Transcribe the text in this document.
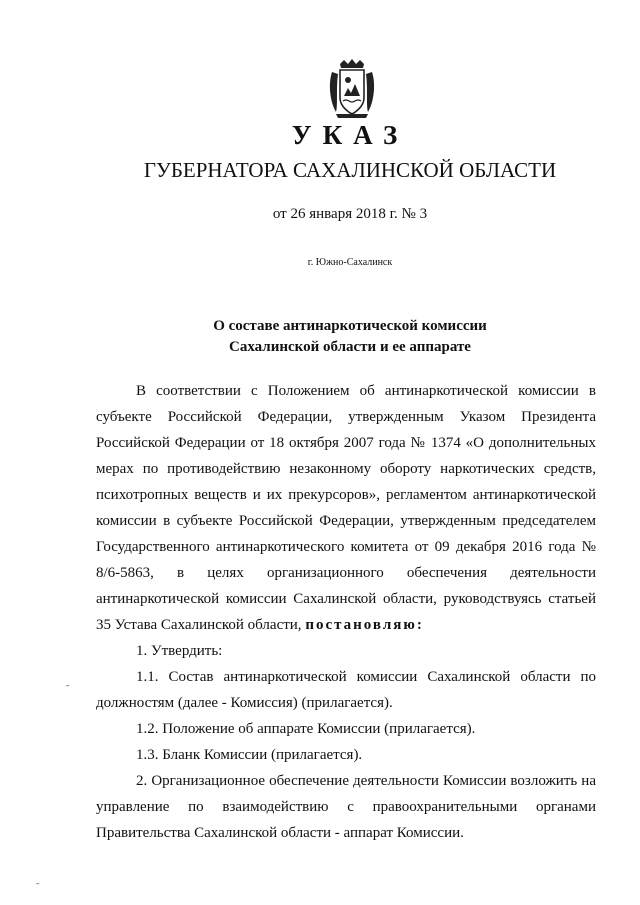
УКАЗ
ГУБЕРНАТОРА САХАЛИНСКОЙ ОБЛАСТИ
от 26 января 2018 г. № 3
г. Южно-Сахалинск
О составе антинаркотической комиссии
Сахалинской области и ее аппарате

В соответствии с Положением об антинаркотической комиссии в субъекте Российской Федерации, утвержденным Указом Президента Российской Федерации от 18 октября 2007 года № 1374 «О дополнительных мерах по противодействию незаконному обороту наркотических средств, психотропных веществ и их прекурсоров», регламентом антинаркотической комиссии в субъекте Российской Федерации, утвержденным председателем Государственного антинаркотического комитета от 09 декабря 2016 года № 8/6-5863, в целях организационного обеспечения деятельности антинаркотической комиссии Сахалинской области, руководствуясь статьей 35 Устава Сахалинской области, постановляю:

1. Утвердить:

1.1. Состав антинаркотической комиссии Сахалинской области по должностям (далее - Комиссия) (прилагается).

1.2. Положение об аппарате Комиссии (прилагается).

1.3. Бланк Комиссии (прилагается).

2. Организационное обеспечение деятельности Комиссии возложить на управление по взаимодействию с правоохранительными органами Правительства Сахалинской области - аппарат Комиссии.

ˉ
ˉ
